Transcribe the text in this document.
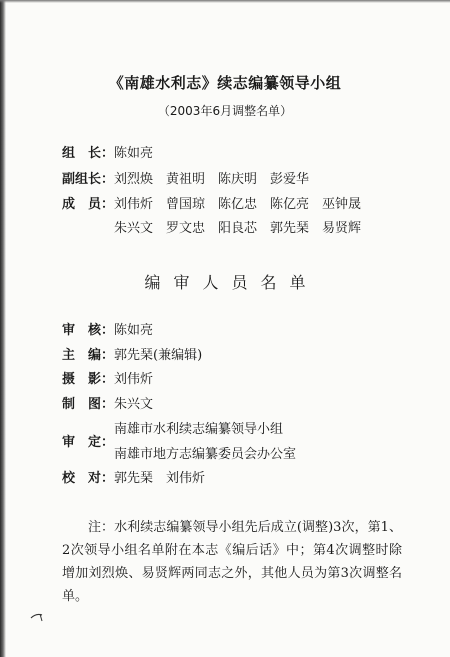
《南雄水利志》续志编纂领导小组
（2003年6月调整名单）
组　长：陈如亮
副组长：刘烈焕 黄祖明 陈庆明 彭爱华
成　员：刘伟炘 曾国琼 陈亿忠 陈亿亮 巫钟晟
朱兴文 罗文忠 阳良芯 郭先琹 易贤辉
编审人员名单
审　核：陈如亮
主　编：郭先琹(兼编辑)
摄　影：刘伟炘
制　图：朱兴文
审　定：
南雄市水利续志编纂领导小组
南雄市地方志编纂委员会办公室
校　对：郭先琹　刘伟炘
注：水利续志编纂领导小组先后成立(调整)3次，第1、2次领导小组名单附在本志《编后话》中；第4次调整时除增加刘烈焕、易贤辉两同志之外，其他人员为第3次调整名单。
